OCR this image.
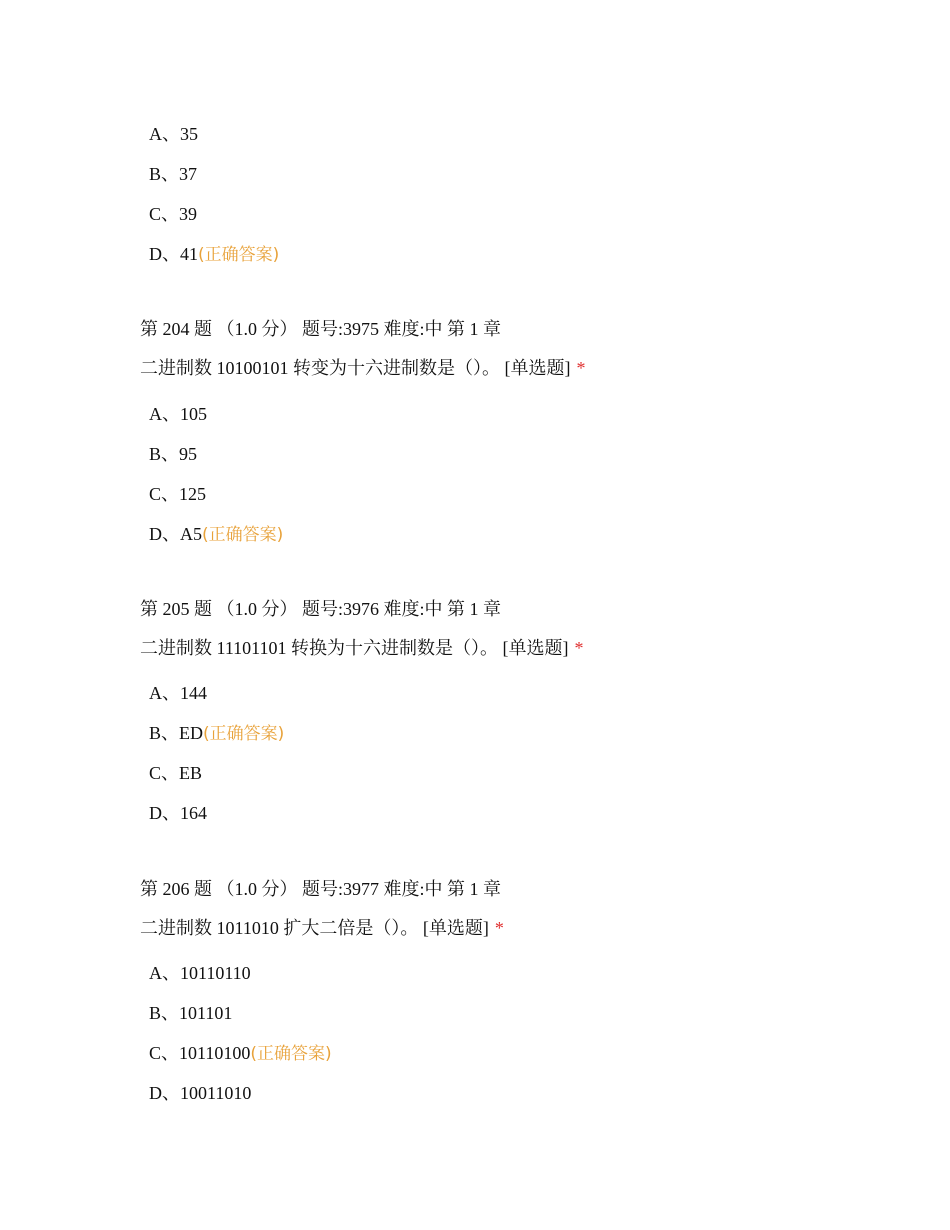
A、35
B、37
C、39
D、41(正确答案)
第 204 题 （1.0 分） 题号:3975 难度:中 第 1 章
二进制数 10100101 转变为十六进制数是（）。 [单选题] *
A、105
B、95
C、125
D、A5(正确答案)
第 205 题 （1.0 分） 题号:3976 难度:中 第 1 章
二进制数 11101101 转换为十六进制数是（）。 [单选题] *
A、144
B、ED(正确答案)
C、EB
D、164
第 206 题 （1.0 分） 题号:3977 难度:中 第 1 章
二进制数 1011010 扩大二倍是（）。 [单选题] *
A、10110110
B、101101
C、10110100(正确答案)
D、10011010
